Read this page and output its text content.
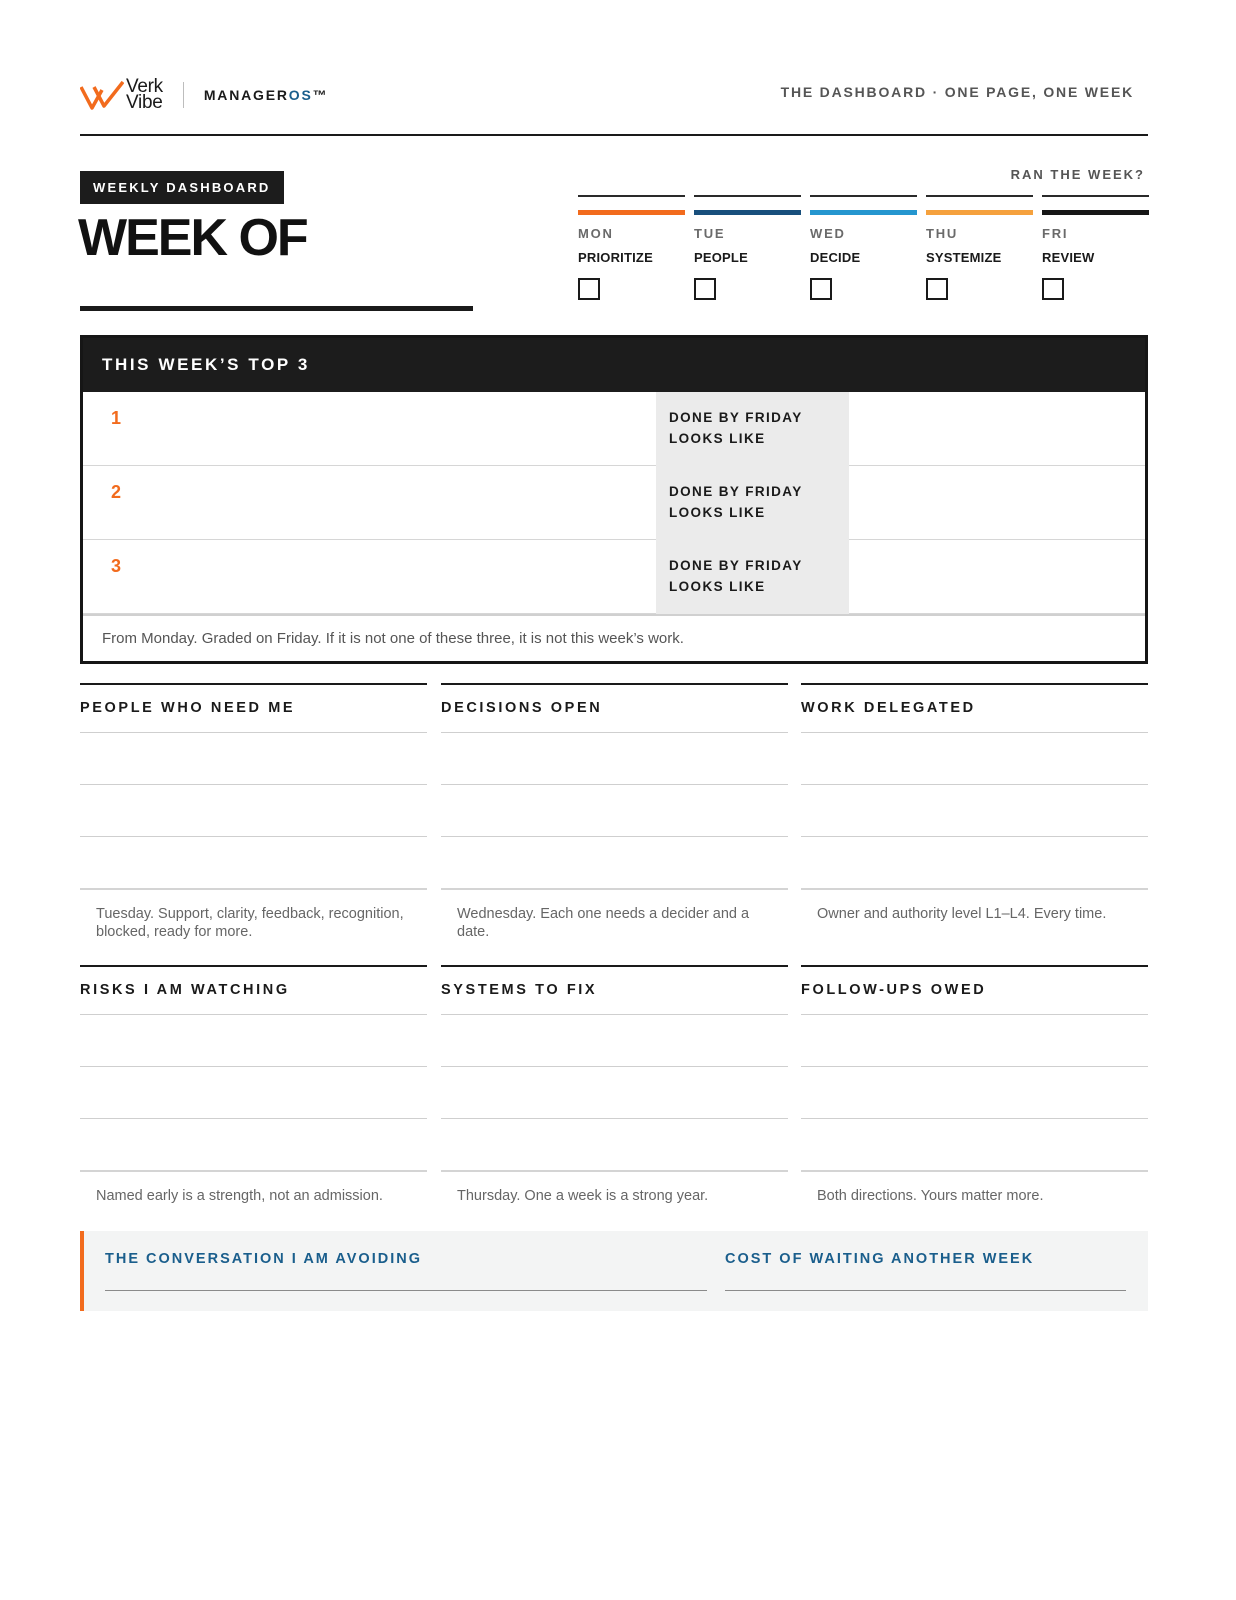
Verk
Vibe	MANAGEROS™	THE DASHBOARD · ONE PAGE, ONE WEEK
WEEKLY DASHBOARD
WEEK OF
RAN THE WEEK?
MON
PRIORITIZE
TUE
PEOPLE
WED
DECIDE
THU
SYSTEMIZE
FRI
REVIEW
THIS WEEK’S TOP 3
1	DONE BY FRIDAY
LOOKS LIKE
2	DONE BY FRIDAY
LOOKS LIKE
3	DONE BY FRIDAY
LOOKS LIKE
From Monday. Graded on Friday. If it is not one of these three, it is not this week’s work.
PEOPLE WHO NEED ME
Tuesday. Support, clarity, feedback, recognition, blocked, ready for more.
DECISIONS OPEN
Wednesday. Each one needs a decider and a date.
WORK DELEGATED
Owner and authority level L1–L4. Every time.
RISKS I AM WATCHING
Named early is a strength, not an admission.
SYSTEMS TO FIX
Thursday. One a week is a strong year.
FOLLOW-UPS OWED
Both directions. Yours matter more.
THE CONVERSATION I AM AVOIDING	COST OF WAITING ANOTHER WEEK
